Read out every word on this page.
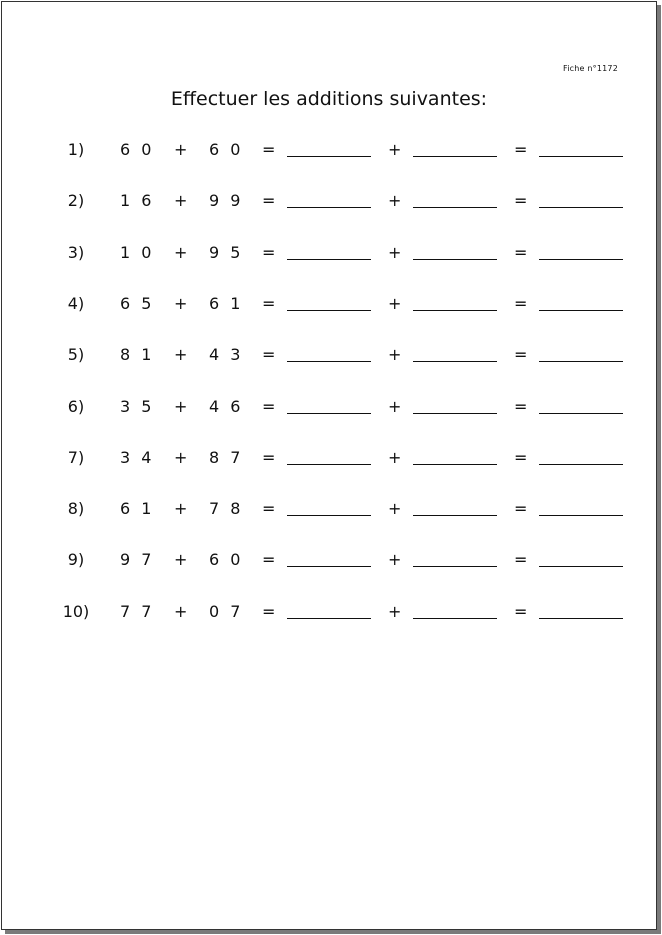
Fiche n°1172
Effectuer les additions suivantes:
1)	6 0 + 6 0 =	+	=
2)	1 6 + 9 9 =	+	=
3)	1 0 + 9 5 =	+	=
4)	6 5 + 6 1 =	+	=
5)	8 1 + 4 3 =	+	=
6)	3 5 + 4 6 =	+	=
7)	3 4 + 8 7 =	+	=
8)	6 1 + 7 8 =	+	=
9)	9 7 + 6 0 =	+	=
10) 7 7 + 0 7 =	+	=
